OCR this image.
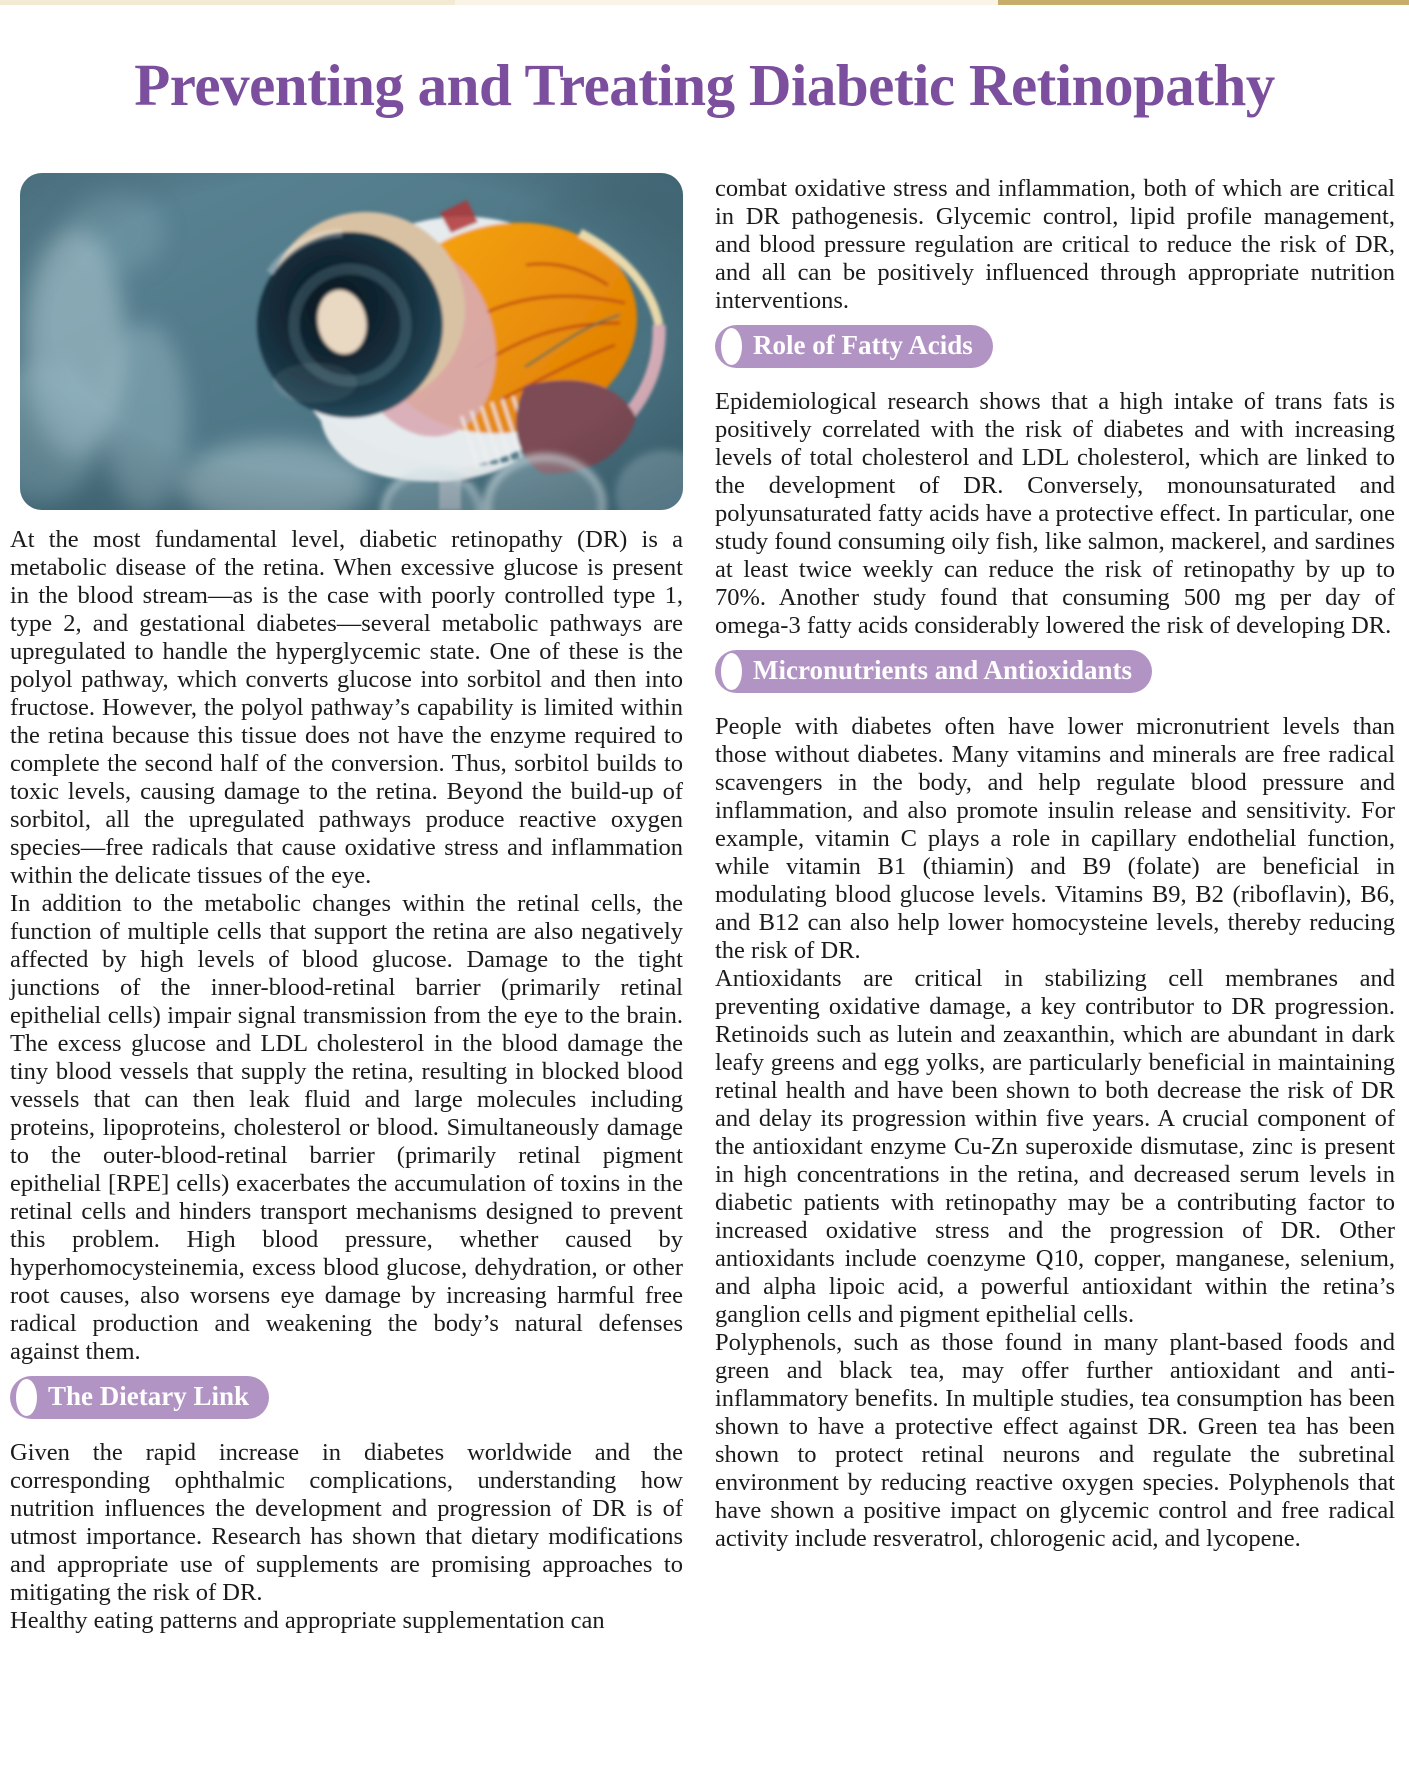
Preventing and Treating Diabetic Retinopathy

At the most fundamental level, diabetic retinopathy (DR) is a metabolic disease of the retina. When excessive glucose is present in the blood stream—as is the case with poorly controlled type 1, type 2, and gestational diabetes—several metabolic pathways are upregulated to handle the hyperglycemic state. One of these is the polyol pathway, which converts glucose into sorbitol and then into fructose. However, the polyol pathway’s capability is limited within the retina because this tissue does not have the enzyme required to complete the second half of the conversion. Thus, sorbitol builds to toxic levels, causing damage to the retina. Beyond the build-up of sorbitol, all the upregulated pathways produce reactive oxygen species—free radicals that cause oxidative stress and inflammation within the delicate tissues of the eye.

In addition to the metabolic changes within the retinal cells, the function of multiple cells that support the retina are also negatively affected by high levels of blood glucose. Damage to the tight junctions of the inner-blood-retinal barrier (primarily retinal epithelial cells) impair signal transmission from the eye to the brain. The excess glucose and LDL cholesterol in the blood damage the tiny blood vessels that supply the retina, resulting in blocked blood vessels that can then leak fluid and large molecules including proteins, lipoproteins, cholesterol or blood. Simultaneously damage to the outer-blood-retinal barrier (primarily retinal pigment epithelial [RPE] cells) exacerbates the accumulation of toxins in the retinal cells and hinders transport mechanisms designed to prevent this problem. High blood pressure, whether caused by hyperhomocysteinemia, excess blood glucose, dehydration, or other root causes, also worsens eye damage by increasing harmful free radical production and weakening the body’s natural defenses against them.

The Dietary Link

Given the rapid increase in diabetes worldwide and the corresponding ophthalmic complications, understanding how nutrition influences the development and progression of DR is of utmost importance. Research has shown that dietary modifications and appropriate use of supplements are promising approaches to mitigating the risk of DR.

Healthy eating patterns and appropriate supplementation can

combat oxidative stress and inflammation, both of which are critical in DR pathogenesis. Glycemic control, lipid profile management, and blood pressure regulation are critical to reduce the risk of DR, and all can be positively influenced through appropriate nutrition interventions.

Role of Fatty Acids

Epidemiological research shows that a high intake of trans fats is positively correlated with the risk of diabetes and with increasing levels of total cholesterol and LDL cholesterol, which are linked to the development of DR. Conversely, monounsaturated and polyunsaturated fatty acids have a protective effect. In particular, one study found consuming oily fish, like salmon, mackerel, and sardines at least twice weekly can reduce the risk of retinopathy by up to 70%. Another study found that consuming 500 mg per day of omega-3 fatty acids considerably lowered the risk of developing DR.

Micronutrients and Antioxidants

People with diabetes often have lower micronutrient levels than those without diabetes. Many vitamins and minerals are free radical scavengers in the body, and help regulate blood pressure and inflammation, and also promote insulin release and sensitivity. For example, vitamin C plays a role in capillary endothelial function, while vitamin B1 (thiamin) and B9 (folate) are beneficial in modulating blood glucose levels. Vitamins B9, B2 (riboflavin), B6, and B12 can also help lower homocysteine levels, thereby reducing the risk of DR.

Antioxidants are critical in stabilizing cell membranes and preventing oxidative damage, a key contributor to DR progression. Retinoids such as lutein and zeaxanthin, which are abundant in dark leafy greens and egg yolks, are particularly beneficial in maintaining retinal health and have been shown to both decrease the risk of DR and delay its progression within five years. A crucial component of the antioxidant enzyme Cu-Zn superoxide dismutase, zinc is present in high concentrations in the retina, and decreased serum levels in diabetic patients with retinopathy may be a contributing factor to increased oxidative stress and the progression of DR. Other antioxidants include coenzyme Q10, copper, manganese, selenium, and alpha lipoic acid, a powerful antioxidant within the retina’s ganglion cells and pigment epithelial cells.

Polyphenols, such as those found in many plant-based foods and green and black tea, may offer further antioxidant and anti-inflammatory benefits. In multiple studies, tea consumption has been shown to have a protective effect against DR. Green tea has been shown to protect retinal neurons and regulate the subretinal environment by reducing reactive oxygen species. Polyphenols that have shown a positive impact on glycemic control and free radical activity include resveratrol, chlorogenic acid, and lycopene.
